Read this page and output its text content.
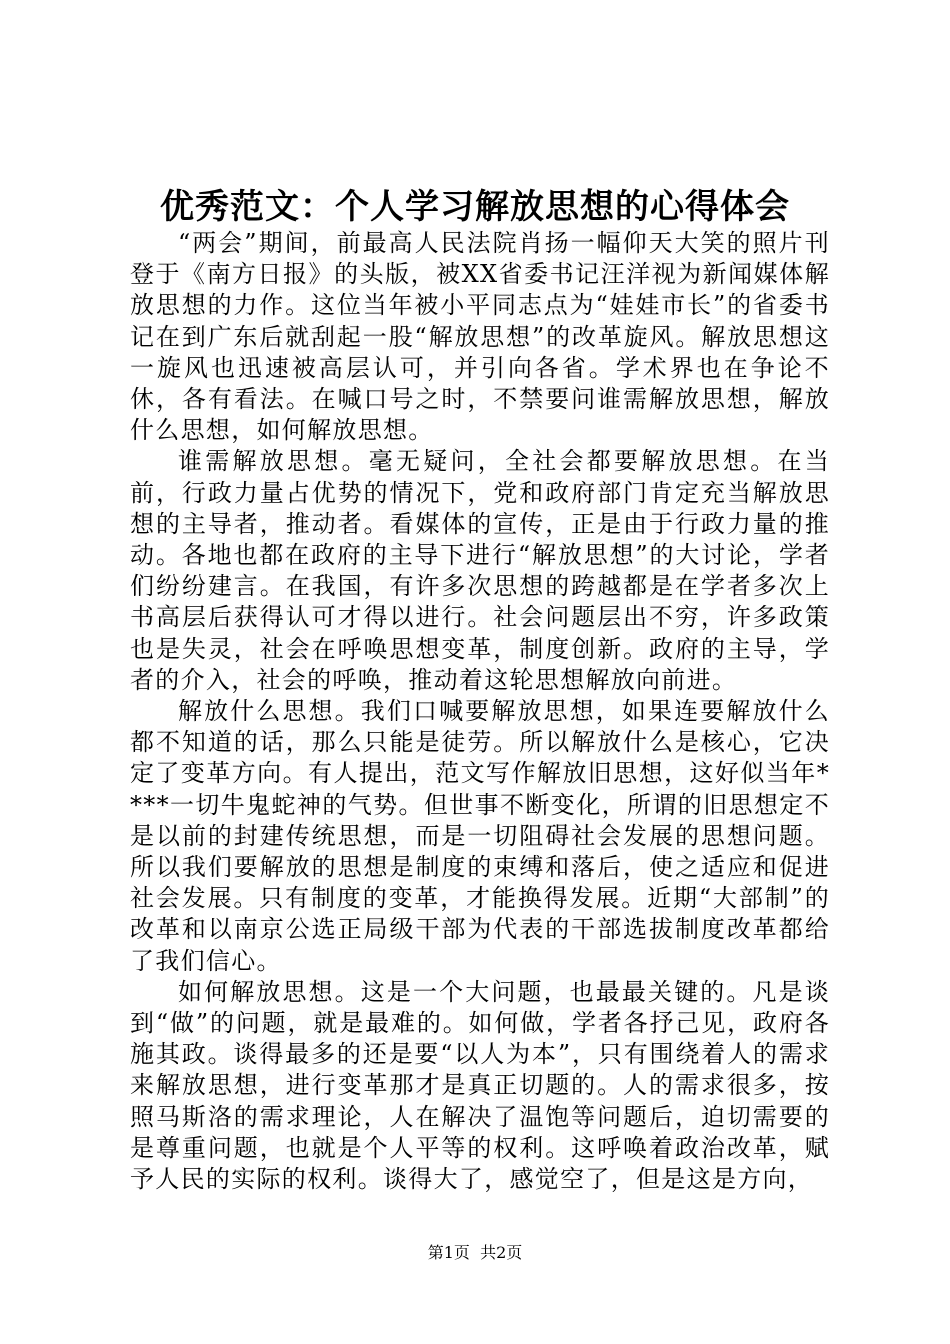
优秀范文：个人学习解放思想的心得体会

“两会”期间，前最高人民法院肖扬一幅仰天大笑的照片刊登于《南方日报》的头版，被XX省委书记汪洋视为新闻媒体解放思想的力作。这位当年被小平同志点为“娃娃市长”的省委书记在到广东后就刮起一股“解放思想”的改革旋风。解放思想这一旋风也迅速被高层认可，并引向各省。学术界也在争论不休，各有看法。在喊口号之时，不禁要问谁需解放思想，解放什么思想，如何解放思想。

谁需解放思想。毫无疑问，全社会都要解放思想。在当前，行政力量占优势的情况下，党和政府部门肯定充当解放思想的主导者，推动者。看媒体的宣传，正是由于行政力量的推动。各地也都在政府的主导下进行“解放思想”的大讨论，学者们纷纷建言。在我国，有许多次思想的跨越都是在学者多次上书高层后获得认可才得以进行。社会问题层出不穷，许多政策也是失灵，社会在呼唤思想变革，制度创新。政府的主导，学者的介入，社会的呼唤，推动着这轮思想解放向前进。

解放什么思想。我们口喊要解放思想，如果连要解放什么都不知道的话，那么只能是徒劳。所以解放什么是核心，它决定了变革方向。有人提出，范文写作解放旧思想，这好似当年****一切牛鬼蛇神的气势。但世事不断变化，所谓的旧思想定不是以前的封建传统思想，而是一切阻碍社会发展的思想问题。所以我们要解放的思想是制度的束缚和落后，使之适应和促进社会发展。只有制度的变革，才能换得发展。近期“大部制”的改革和以南京公选正局级干部为代表的干部选拔制度改革都给了我们信心。

如何解放思想。这是一个大问题，也最最关键的。凡是谈到“做”的问题，就是最难的。如何做，学者各抒己见，政府各施其政。谈得最多的还是要“以人为本”，只有围绕着人的需求来解放思想，进行变革那才是真正切题的。人的需求很多，按照马斯洛的需求理论，人在解决了温饱等问题后，迫切需要的是尊重问题，也就是个人平等的权利。这呼唤着政治改革，赋予人民的实际的权利。谈得大了，感觉空了，但是这是方向，

第1页  共2页
